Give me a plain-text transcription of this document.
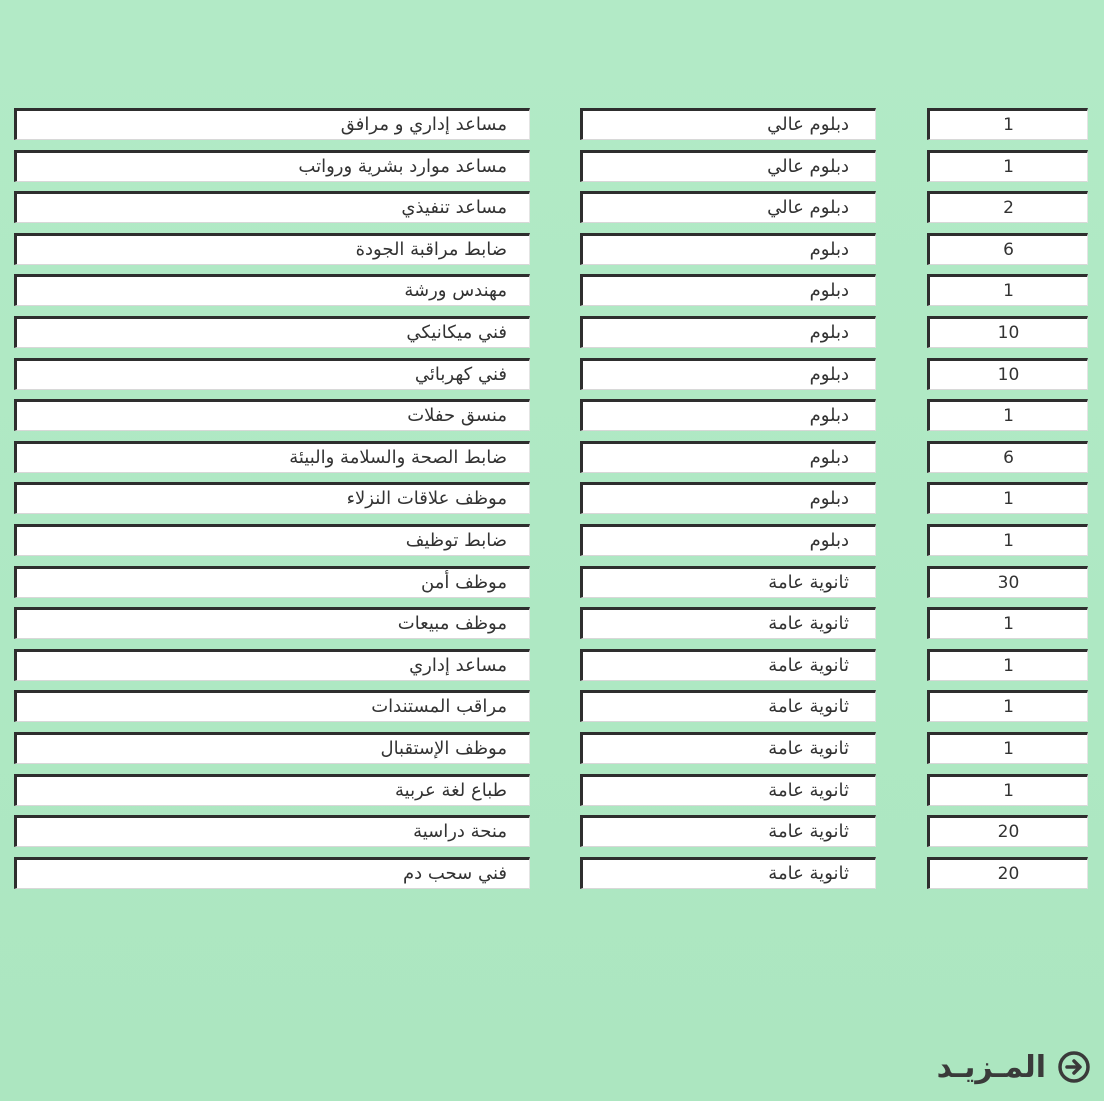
مساعد إداري و مرافق	دبلوم عالي	1
مساعد موارد بشرية ورواتب	دبلوم عالي	1
مساعد تنفيذي	دبلوم عالي	2
ضابط مراقبة الجودة	دبلوم	6
مهندس ورشة	دبلوم	1
فني ميكانيكي	دبلوم	10
فني كهربائي	دبلوم	10
منسق حفلات	دبلوم	1
ضابط الصحة والسلامة والبيئة	دبلوم	6
موظف علاقات النزلاء	دبلوم	1
ضابط توظيف	دبلوم	1
موظف أمن	ثانوية عامة	30
موظف مبيعات	ثانوية عامة	1
مساعد إداري	ثانوية عامة	1
مراقب المستندات	ثانوية عامة	1
موظف الإستقبال	ثانوية عامة	1
طباع لغة عربية	ثانوية عامة	1
منحة دراسية	ثانوية عامة	20
فني سحب دم	ثانوية عامة	20
المـزيـد
